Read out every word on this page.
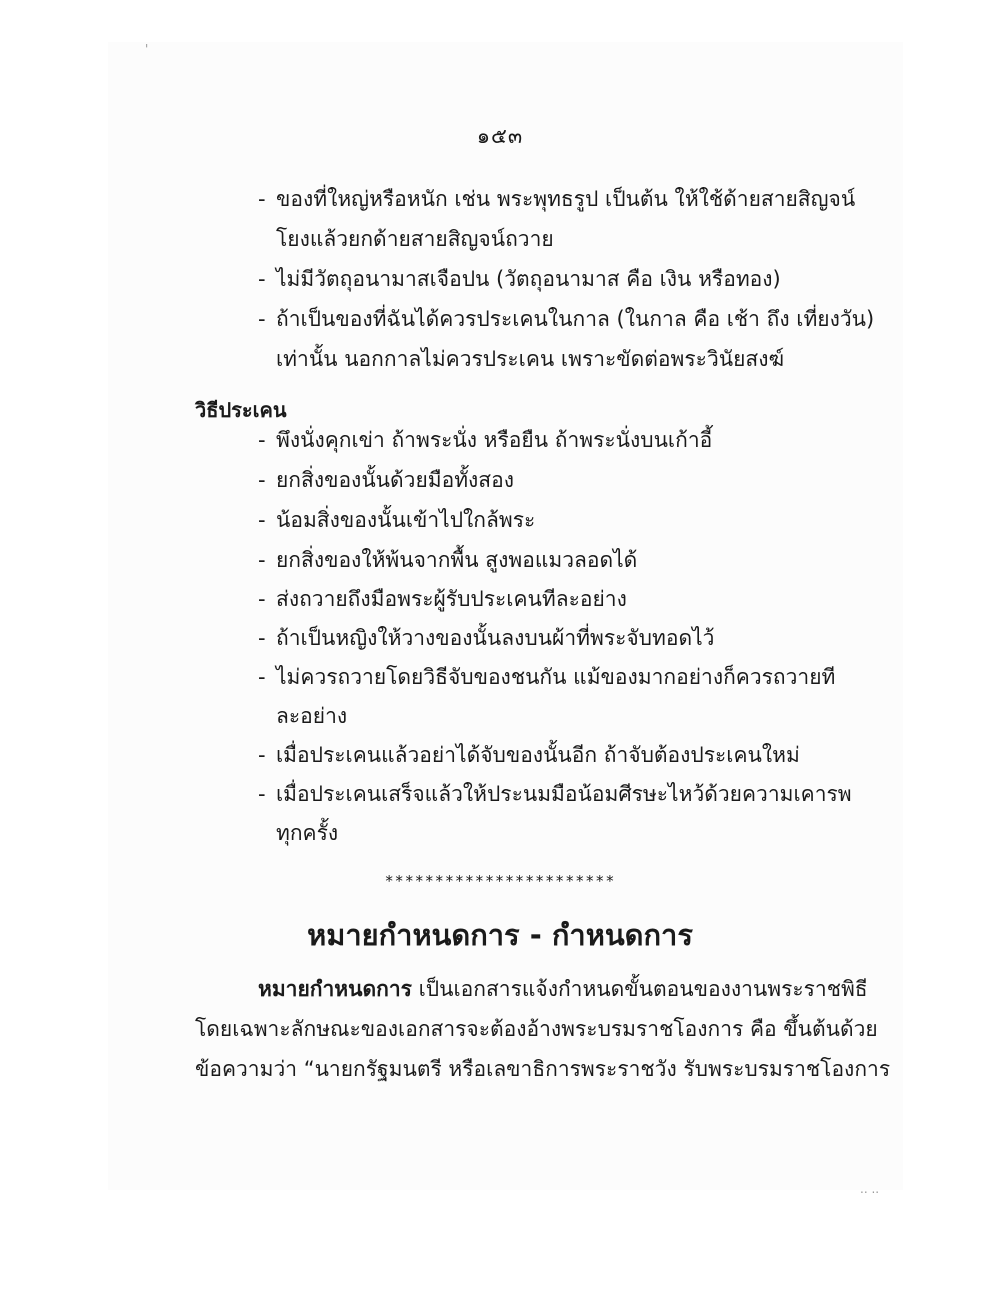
๑๕๓
- ของที่ใหญ่หรือหนัก เช่น พระพุทธรูป เป็นต้น ให้ใช้ด้ายสายสิญจน์
โยงแล้วยกด้ายสายสิญจน์ถวาย
- ไม่มีวัตถุอนามาสเจือปน (วัตถุอนามาส คือ เงิน หรือทอง)
- ถ้าเป็นของที่ฉันได้ควรประเคนในกาล (ในกาล คือ เช้า ถึง เที่ยงวัน)
เท่านั้น นอกกาลไม่ควรประเคน เพราะขัดต่อพระวินัยสงฆ์
วิธีประเคน
- พึงนั่งคุกเข่า ถ้าพระนั่ง หรือยืน ถ้าพระนั่งบนเก้าอี้
- ยกสิ่งของนั้นด้วยมือทั้งสอง
- น้อมสิ่งของนั้นเข้าไปใกล้พระ
- ยกสิ่งของให้พ้นจากพื้น สูงพอแมวลอดได้
- ส่งถวายถึงมือพระผู้รับประเคนทีละอย่าง
- ถ้าเป็นหญิงให้วางของนั้นลงบนผ้าที่พระจับทอดไว้
- ไม่ควรถวายโดยวิธีจับของชนกัน แม้ของมากอย่างก็ควรถวายที
ละอย่าง
- เมื่อประเคนแล้วอย่าได้จับของนั้นอีก ถ้าจับต้องประเคนใหม่
- เมื่อประเคนเสร็จแล้วให้ประนมมือน้อมศีรษะไหว้ด้วยความเคารพ
ทุกครั้ง
***********************
หมายกำหนดการ - กำหนดการ
หมายกำหนดการ เป็นเอกสารแจ้งกำหนดขั้นตอนของงานพระราชพิธี
โดยเฉพาะลักษณะของเอกสารจะต้องอ้างพระบรมราชโองการ คือ ขึ้นต้นด้วย
ข้อความว่า “นายกรัฐมนตรี หรือเลขาธิการพระราชวัง รับพระบรมราชโองการ
'
.. ..
